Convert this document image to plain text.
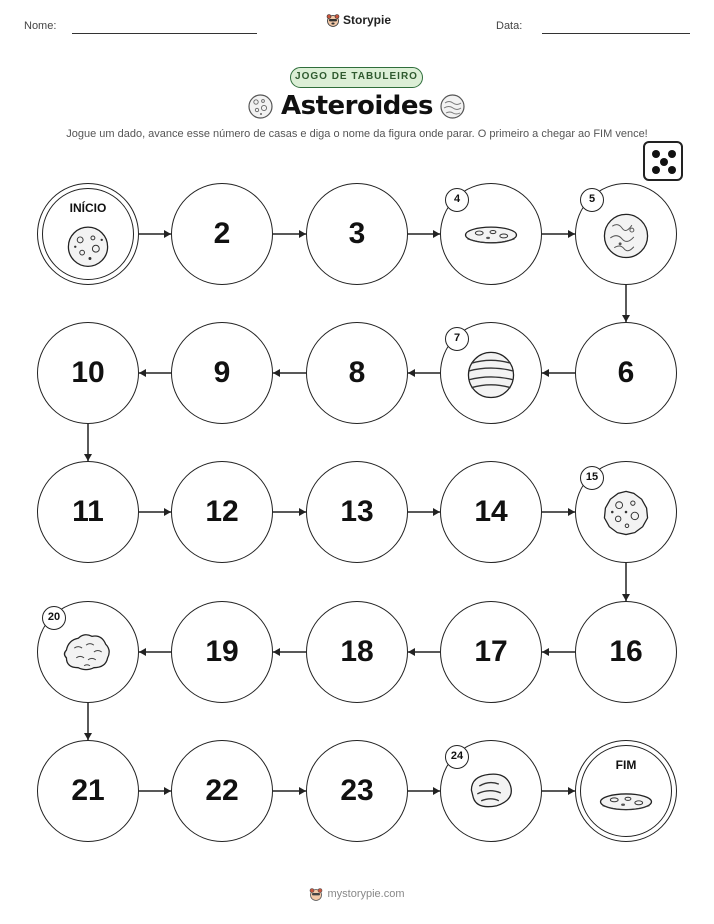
Nome:	Storypie	Data:
JOGO DE TABULEIRO
Asteroides
Jogue um dado, avance esse número de casas e diga o nome da figura onde parar. O primeiro a chegar ao FIM vence!
INÍCIO
2	3
4	5
6
7
8
9
10
11	12	13	14
15
16
17
18
19
20
21	22	23
24
FIM
mystorypie.com
